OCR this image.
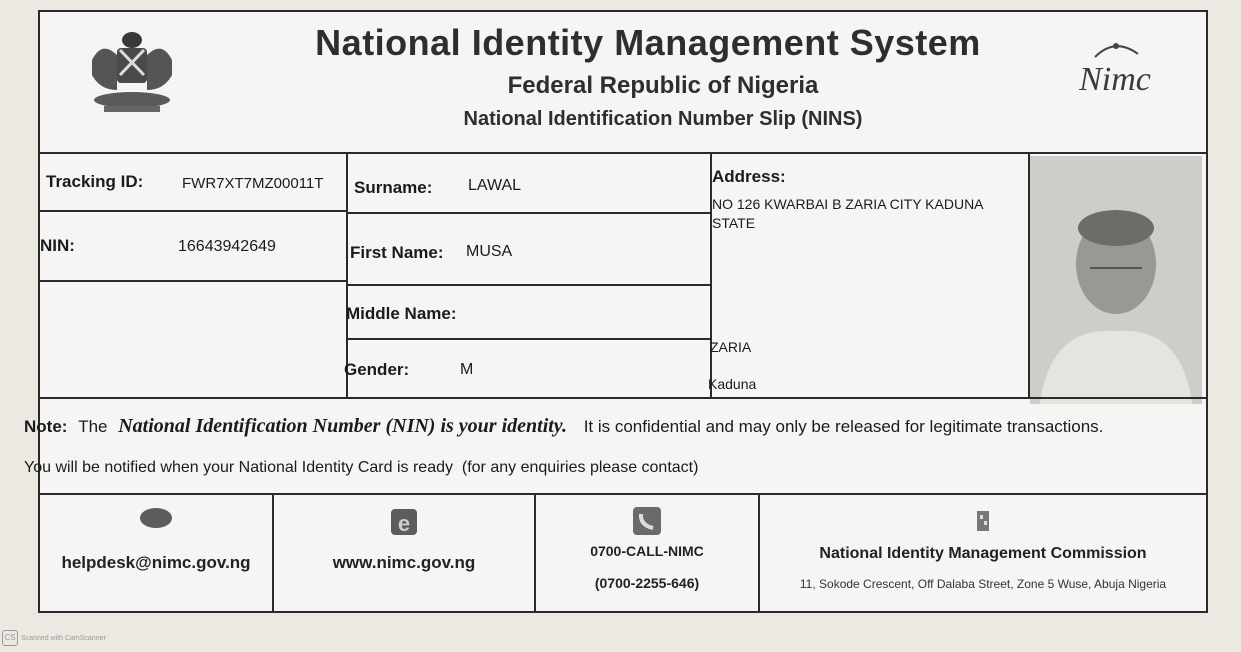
National Identity Management System
Federal Republic of Nigeria
National Identification Number Slip (NINS)
Nimc
Tracking ID:	FWR7XT7MZ00011T
NIN:	16643942649
Surname: LAWAL
First Name: MUSA
Middle Name:
Gender:	M
Address:
NO 126 KWARBAI B ZARIA CITY KADUNA
STATE
ZARIA
Kaduna
Note: The National Identification Number (NIN) is your identity. It is confidential and may only be released for legitimate transactions.
You will be notified when your National Identity Card is ready  (for any enquiries please contact)
helpdesk@nimc.gov.ng
e
www.nimc.gov.ng
0700-CALL-NIMC
(0700-2255-646)
National Identity Management Commission
11, Sokode Crescent, Off Dalaba Street, Zone 5 Wuse, Abuja Nigeria
CS Scanned with CamScanner
